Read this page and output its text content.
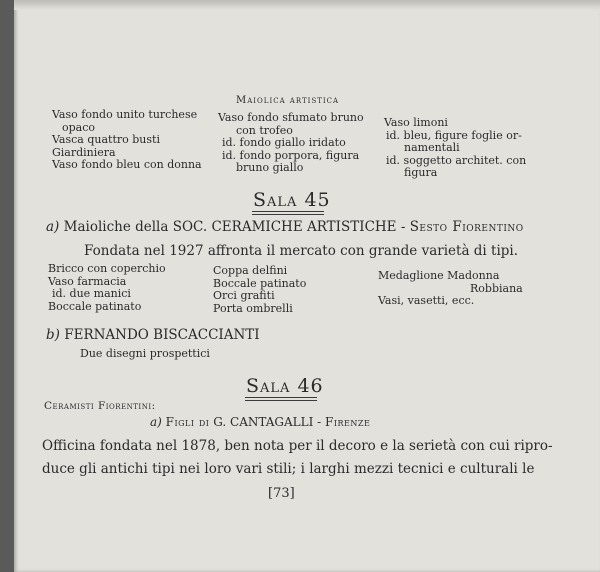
Maiolica artistica
Vaso fondo unito turchese
opaco
Vasca quattro busti
Giardiniera
Vaso fondo bleu con donna
Vaso fondo sfumato bruno
con trofeo
id. fondo giallo iridato
id. fondo porpora, figura
bruno giallo
Vaso limoni
id. bleu, figure foglie or-
namentali
id. soggetto architet. con
figura
Sala 45
a) Maioliche della SOC. CERAMICHE ARTISTICHE - Sesto Fiorentino
Fondata nel 1927 affronta il mercato con grande varietà di tipi.
Bricco con coperchio
Vaso farmacia
id. due manici
Boccale patinato
Coppa delfini
Boccale patinato
Orci grafiti
Porta ombrelli
Medaglione Madonna
Robbiana
Vasi, vasetti, ecc.
b) FERNANDO BISCACCIANTI
Due disegni prospettici
Sala 46
Ceramisti Fiorentini:
a) Figli di G. CANTAGALLI - Firenze
Officina fondata nel 1878, ben nota per il decoro e la serietà con cui ripro-
duce gli antichi tipi nei loro vari stili; i larghi mezzi tecnici e culturali le
[73]
